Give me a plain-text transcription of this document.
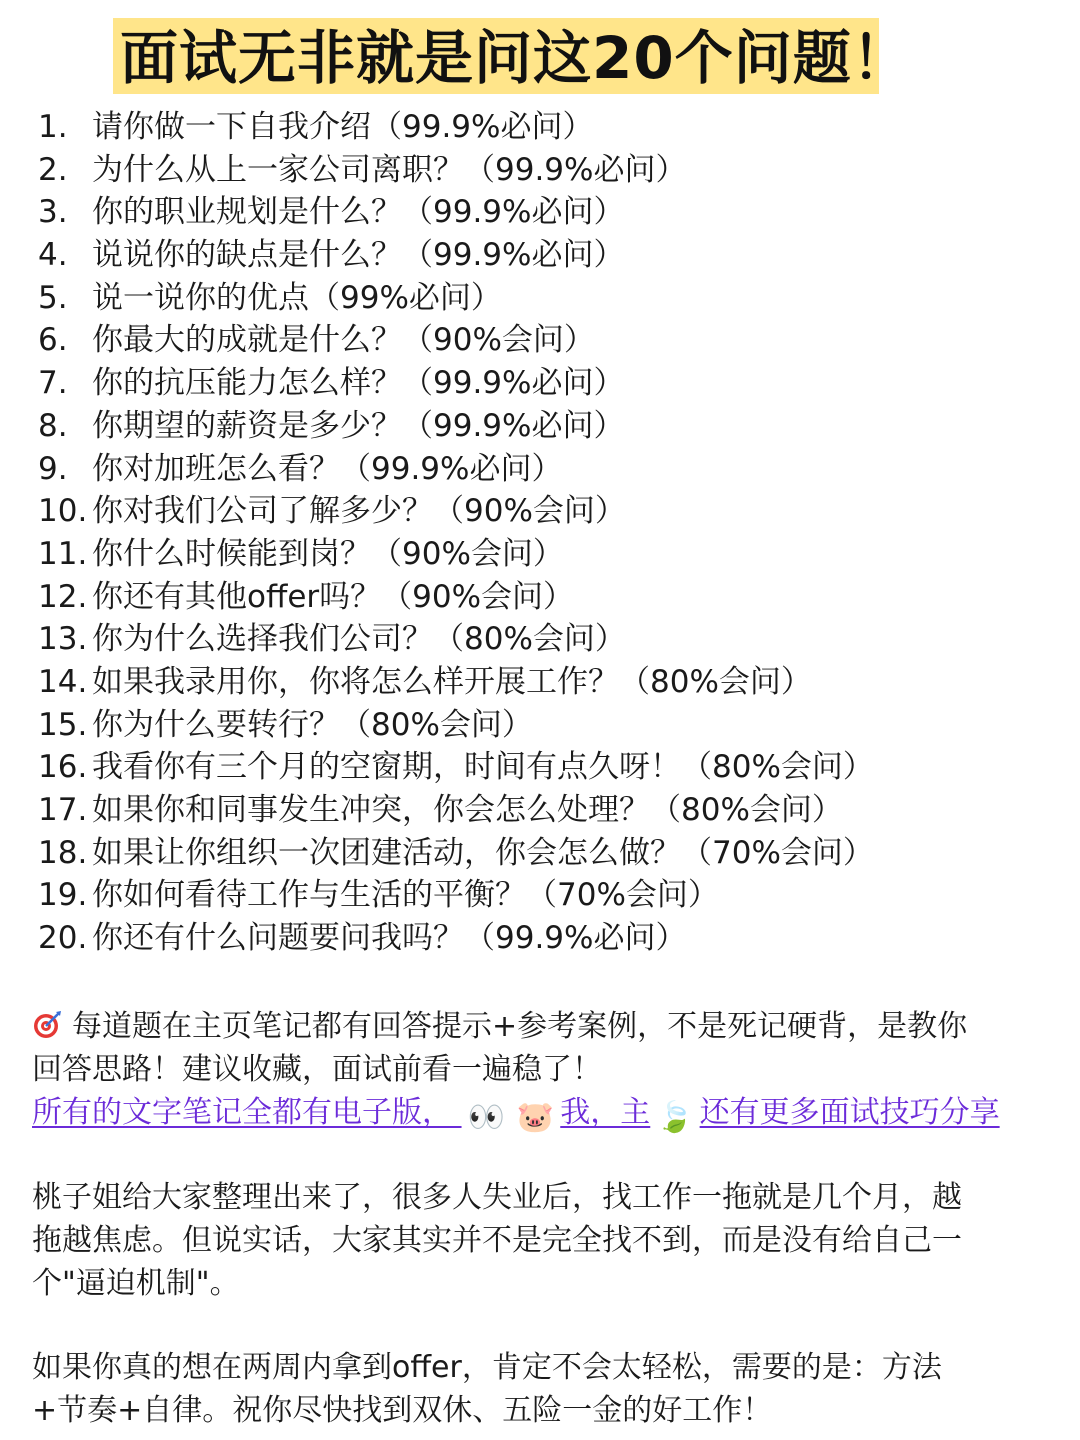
面试无非就是问这20个问题！
1. 请你做一下自我介绍（99.9%必问）
2. 为什么从上一家公司离职？（99.9%必问）
3. 你的职业规划是什么？（99.9%必问）
4. 说说你的缺点是什么？（99.9%必问）
5. 说一说你的优点（99%必问）
6. 你最大的成就是什么？（90%会问）
7. 你的抗压能力怎么样？（99.9%必问）
8. 你期望的薪资是多少？（99.9%必问）
9. 你对加班怎么看？（99.9%必问）
10. 你对我们公司了解多少？（90%会问）
11. 你什么时候能到岗？（90%会问）
12. 你还有其他offer吗？（90%会问）
13. 你为什么选择我们公司？（80%会问）
14. 如果我录用你，你将怎么样开展工作？（80%会问）
15. 你为什么要转行？（80%会问）
16. 我看你有三个月的空窗期，时间有点久呀！（80%会问）
17. 如果你和同事发生冲突，你会怎么处理？（80%会问）
18. 如果让你组织一次团建活动，你会怎么做？（70%会问）
19. 你如何看待工作与生活的平衡？（70%会问）
20. 你还有什么问题要问我吗？（99.9%必问）
每道题在主页笔记都有回答提示+参考案例，不是死记硬背，是教你
回答思路！建议收藏，面试前看一遍稳了！
所有的文字笔记全都有电子版， 👀 🐷 我，主 🍃 还有更多面试技巧分享
桃子姐给大家整理出来了，很多人失业后，找工作一拖就是几个月，越
拖越焦虑。但说实话，大家其实并不是完全找不到，而是没有给自己一
个"逼迫机制"。
如果你真的想在两周内拿到offer，肯定不会太轻松，需要的是：方法
+节奏+自律。祝你尽快找到双休、五险一金的好工作！
